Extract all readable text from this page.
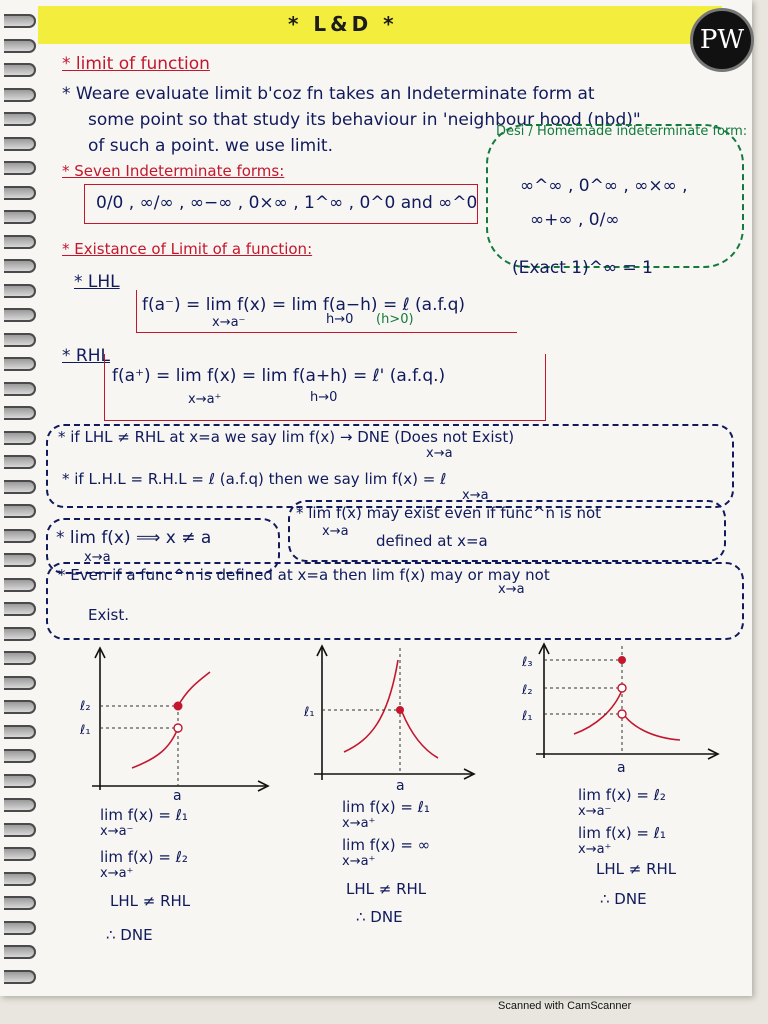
* L&D *
PW
* limit of function
* Weare evaluate limit b'coz fn takes an Indeterminate form at
some point so that study its behaviour in 'neighbour hood (nbd)"
of such a point. we use limit.
* Seven Indeterminate forms:
0/0 , ∞/∞ , ∞−∞ , 0×∞ , 1^∞ , 0^0 and ∞^0
Desi / Homemade indeterminate form:
∞^∞ , 0^∞ , ∞×∞ ,
∞+∞ , 0/∞
* Existance of Limit of a function:
(Exact 1)^∞ = 1
* LHL
f(a⁻) = lim f(x) = lim f(a−h) = ℓ (a.f.q)
x→a⁻	h→0 (h>0)
* RHL
f(a⁺) = lim f(x) = lim f(a+h) = ℓ' (a.f.q.)
x→a⁺	h→0
* if LHL ≠ RHL at x=a we say lim f(x) → DNE (Does not Exist)
x→a
* if L.H.L = R.H.L = ℓ (a.f.q) then we say lim f(x) = ℓ
x→a
* lim f(x) ⟹ x ≠ a
x→a
* lim f(x) may exist even if func^n is not
x→a
defined at x=a
* Even if a func^n is defined at x=a then lim f(x) may or may not
x→a
Exist.
ℓ₂
ℓ₁
a
ℓ₁
a
ℓ₃
ℓ₂
ℓ₁
a
lim f(x) = ℓ₁
x→a⁻
lim f(x) = ℓ₂
x→a⁺
LHL ≠ RHL
∴ DNE
lim f(x) = ℓ₁
x→a⁺
lim f(x) = ∞
x→a⁺
LHL ≠ RHL
∴ DNE
lim f(x) = ℓ₂
x→a⁻
lim f(x) = ℓ₁
x→a⁺
LHL ≠ RHL
∴ DNE
Scanned with CamScanner
